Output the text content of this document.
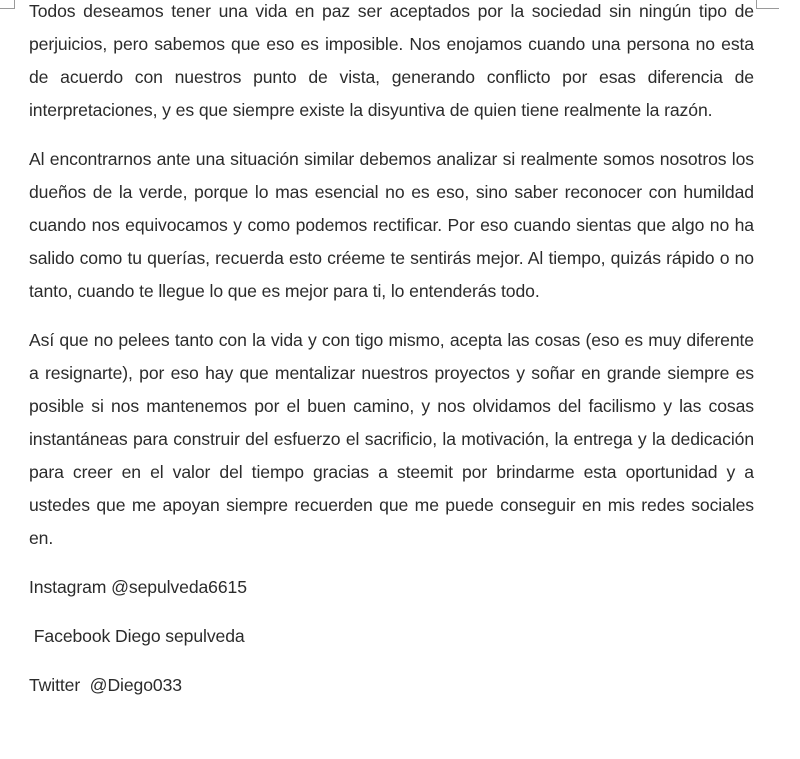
Todos deseamos tener una vida en paz ser aceptados por la sociedad sin ningún tipo de perjuicios, pero sabemos que eso es imposible. Nos enojamos cuando una persona no esta de acuerdo con nuestros punto de vista, generando conflicto por esas diferencia de interpretaciones, y es que siempre existe la disyuntiva de quien tiene realmente la razón.

Al encontrarnos ante una situación similar debemos analizar si realmente somos nosotros los dueños de la verde, porque lo mas esencial no es eso, sino saber reconocer con humildad cuando nos equivocamos y como podemos rectificar. Por eso cuando sientas que algo no ha salido como tu querías, recuerda esto créeme te sentirás mejor. Al tiempo, quizás rápido o no tanto, cuando te llegue lo que es mejor para ti, lo entenderás todo.

Así que no pelees tanto con la vida y con tigo mismo, acepta las cosas (eso es muy diferente a resignarte), por eso hay que mentalizar nuestros proyectos y soñar en grande siempre es posible si nos mantenemos por el buen camino, y nos olvidamos del facilismo y las cosas instantáneas para construir del esfuerzo el sacrificio, la motivación, la entrega y la dedicación para creer en el valor del tiempo gracias a steemit por brindarme esta oportunidad y a ustedes que me apoyan siempre recuerden que me puede conseguir en mis redes sociales en.

Instagram @sepulveda6615

Facebook Diego sepulveda

Twitter  @Diego033
